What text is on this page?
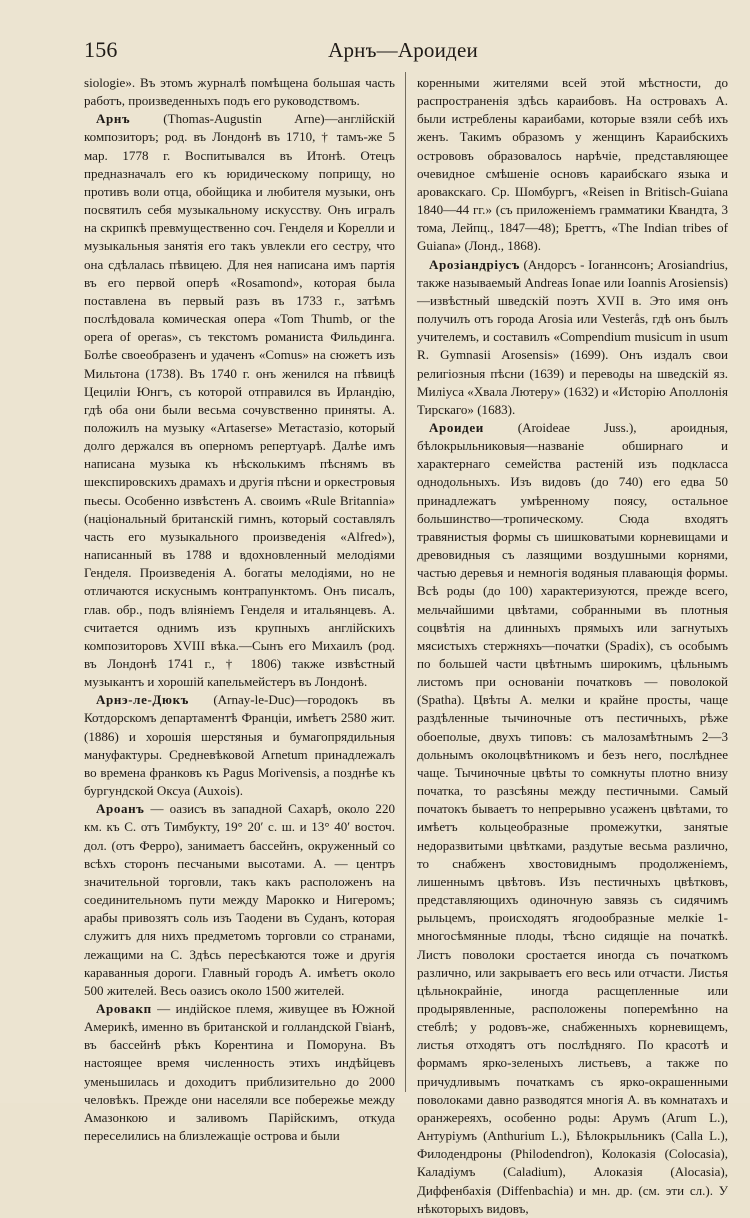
156	Арнъ—Ароидеи

siologie». Въ этомъ журналѣ помѣщена большая часть работъ, произведенныхъ подъ его руководствомъ.

Арнъ (Thomas-Augustin Arne)—англійскій композиторъ; род. въ Лондонѣ въ 1710, † тамъ-же 5 мар. 1778 г. Воспитывался въ Итонѣ. Отецъ предназначалъ его къ юридическому поприщу, но противъ воли отца, обойщика и любителя музыки, онъ посвятилъ себя музыкальному искусству. Онъ игралъ на скрипкѣ превмущественно соч. Генделя и Корелли и музыкальныя занятія его такъ увлекли его сестру, что она сдѣлалась пѣвицею. Для нея написана имъ партія въ его первой оперѣ «Rosamond», которая была поставлена въ первый разъ въ 1733 г., затѣмъ послѣдовала комическая опера «Tom Thumb, or the opera of operas», съ текстомъ романиста Фильдинга. Болѣе своеобразенъ и удаченъ «Comus» на сюжетъ изъ Мильтона (1738). Въ 1740 г. онъ женился на пѣвицѣ Цециліи Юнгъ, съ которой отправился въ Ирландію, гдѣ оба они были весьма сочувственно приняты. А. положилъ на музыку «Artaserse» Метастазіо, который долго держался въ оперномъ репертуарѣ. Далѣе имъ написана музыка къ нѣсколькимъ пѣснямъ въ шекспировскихъ драмахъ и другія пѣсни и оркестровыя пьесы. Особенно извѣстенъ А. своимъ «Rule Britannia» (національный британскій гимнъ, который составлялъ часть его музыкального произведенія «Alfred»), написанный въ 1788 и вдохновленный мелодіями Генделя. Произведенія А. богаты мелодіями, но не отличаются искуснымъ контрапунктомъ. Онъ писалъ, глав. обр., подъ вліяніемъ Генделя и итальянцевъ. А. считается однимъ изъ крупныхъ англійскихъ композиторовъ XVIII вѣка.—Сынъ его Михаилъ (род. въ Лондонѣ 1741 г., † 1806) также извѣстный музыкантъ и хорошій капельмейстеръ въ Лондонѣ.

Арнэ-ле-Дюкъ (Arnay-le-Duc)—городокъ въ Котдорскомъ департаментѣ Франціи, имѣетъ 2580 жит. (1886) и хорошія шерстяныя и бумагопрядильныя мануфактуры. Средневѣковой Arnetum принадлежалъ во времена франковъ къ Pagus Morivensis, а позднѣе къ бургундской Оксуа (Auxois).

Ароанъ — оазисъ въ западной Сахарѣ, около 220 км. къ С. отъ Тимбукту, 19° 20′ с. ш. и 13° 40′ восточ. дол. (отъ Ферро), занимаетъ бассейнъ, окруженный со всѣхъ сторонъ песчаными высотами. А. — центръ значительной торговли, такъ какъ расположенъ на соединительномъ пути между Марокко и Нигеромъ; арабы привозятъ соль изъ Таодени въ Суданъ, которая служитъ для нихъ предметомъ торговли со странами, лежащими на С. Здѣсь пересѣкаются тоже и другія караванныя дороги. Главный городъ А. имѣетъ около 500 жителей. Весь оазисъ около 1500 жителей.

Аровакп — индійское племя, живущее въ Южной Америкѣ, именно въ британской и голландской Гвіанѣ, въ бассейнѣ рѣкъ Корентина и Поморуна. Въ настоящее время численность этихъ индѣйцевъ уменьшилась и доходитъ приблизительно до 2000 человѣкъ. Прежде они населяли все побережье между Амазонкою и заливомъ Парійскимъ, откуда переселились на близлежащіе острова и были

коренными жителями всей этой мѣстности, до распространенія здѣсь караибовъ. На островахъ А. были истреблены караибами, которые взяли себѣ ихъ женъ. Такимъ образомъ у женщинъ Караибскихъ острововъ образовалось нарѣчіе, представляющее очевидное смѣшеніе основъ караибскаго языка и аровакскаго. Ср. Шомбургъ, «Reisen in Britisch-Guiana 1840—44 гг.» (съ приложеніемъ грамматики Квандта, 3 тома, Лейпц., 1847—48); Бреттъ, «The Indian tribes of Guiana» (Лонд., 1868).

Арозіандріусъ (Андорсъ - Іоганнсонъ; Arosiandrius, также называемый Andreas Ionae или Ioannis Arosiensis)—извѣстный шведскій поэтъ XVII в. Это имя онъ получилъ отъ города Arosia или Vesterås, гдѣ онъ былъ учителемъ, и составилъ «Compendium musicum in usum R. Gymnasii Arosensis» (1699). Онъ издалъ свои религіозныя пѣсни (1639) и переводы на шведскій яз. Миліуса «Хвала Лютеру» (1632) и «Исторію Аполлонія Тирскаго» (1683).

Ароидеи (Aroideae Juss.), ароидныя, бѣлокрыльниковыя—названіе обширнаго и характернаго семейства растеній изъ подкласса однодольныхъ. Изъ видовъ (до 740) его едва 50 принадлежатъ умѣренному поясу, остальное большинство—тропическому. Сюда входятъ травянистыя формы съ шишковатыми корневищами и древовидныя съ лазящими воздушными корнями, частью деревья и немногія водяныя плавающія формы. Всѣ роды (до 100) характеризуются, прежде всего, мельчайшими цвѣтами, собранными въ плотныя соцвѣтія на длинныхъ прямыхъ или загнутыхъ мясистыхъ стержняхъ—початки (Spadix), съ особымъ по большей части цвѣтнымъ широкимъ, цѣльнымъ листомъ при основаніи початковъ — поволокой (Spatha). Цвѣты А. мелки и крайне просты, чаще раздѣленные тычиночные отъ пестичныхъ, рѣже обоеполые, двухъ типовъ: съ малозамѣтнымъ 2—3 дольнымъ околоцвѣтникомъ и безъ него, послѣднее чаще. Тычиночные цвѣты то сомкнуты плотно внизу початка, то разсѣяны между пестичными. Самый початокъ бываетъ то непрерывно усаженъ цвѣтами, то имѣетъ кольцеобразные промежутки, занятые недоразвитыми цвѣтками, раздутые весьма различно, то снабженъ хвостовиднымъ продолженіемъ, лишеннымъ цвѣтовъ. Изъ пестичныхъ цвѣтковъ, представляющихъ одиночную завязь съ сидячимъ рыльцемъ, происходятъ ягодообразные мелкіе 1-многосѣмянные плоды, тѣсно сидящіе на початкѣ. Листъ поволоки сростается иногда съ початкомъ различно, или закрываетъ его весь или отчасти. Листья цѣльнокрайніе, иногда расщепленные или продырявленные, расположены поперемѣнно на стеблѣ; у родовъ-же, снабженныхъ корневищемъ, листья отходятъ отъ послѣдняго. По красотѣ и формамъ ярко-зеленыхъ листьевъ, а также по причудливымъ початкамъ съ ярко-окрашенными поволоками давно разводятся многія А. въ комнатахъ и оранжереяхъ, особенно роды: Арумъ (Arum L.), Антуріумъ (Anthurium L.), Бѣлокрыльникъ (Calla L.), Филодендроны (Philodendron), Колоказія (Colocasia), Каладіумъ (Caladium), Алоказія (Alocasia), Диффенбахія (Diffenbachia) и мн. др. (см. эти сл.). У нѣкоторыхъ видовъ,
